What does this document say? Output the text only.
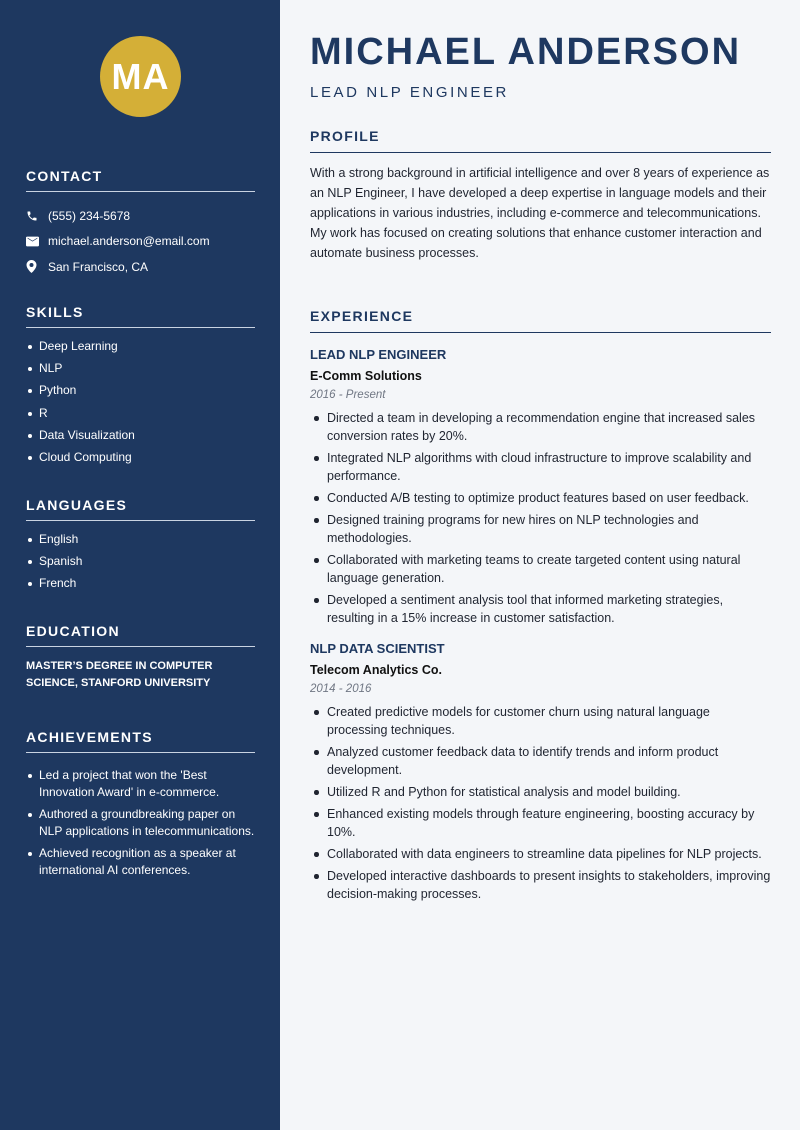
MA
CONTACT
(555) 234-5678
michael.anderson@email.com
San Francisco, CA
SKILLS
Deep Learning
NLP
Python
R
Data Visualization
Cloud Computing
LANGUAGES
English
Spanish
French
EDUCATION
MASTER’S DEGREE IN COMPUTER
SCIENCE, STANFORD UNIVERSITY
ACHIEVEMENTS
Led a project that won the 'Best Innovation Award' in e-commerce.
Authored a groundbreaking paper on NLP applications in telecommunications.
Achieved recognition as a speaker at international AI conferences.
MICHAEL ANDERSON
LEAD NLP ENGINEER
PROFILE

With a strong background in artificial intelligence and over 8 years of experience as an NLP Engineer, I have developed a deep expertise in language models and their applications in various industries, including e-commerce and telecommunications. My work has focused on creating solutions that enhance customer interaction and automate business processes.

EXPERIENCE
LEAD NLP ENGINEER
E-Comm Solutions
2016 - Present
Directed a team in developing a recommendation engine that increased sales conversion rates by 20%.
Integrated NLP algorithms with cloud infrastructure to improve scalability and performance.
Conducted A/B testing to optimize product features based on user feedback.
Designed training programs for new hires on NLP technologies and methodologies.
Collaborated with marketing teams to create targeted content using natural language generation.
Developed a sentiment analysis tool that informed marketing strategies, resulting in a 15% increase in customer satisfaction.
NLP DATA SCIENTIST
Telecom Analytics Co.
2014 - 2016
Created predictive models for customer churn using natural language processing techniques.
Analyzed customer feedback data to identify trends and inform product development.
Utilized R and Python for statistical analysis and model building.
Enhanced existing models through feature engineering, boosting accuracy by 10%.
Collaborated with data engineers to streamline data pipelines for NLP projects.
Developed interactive dashboards to present insights to stakeholders, improving decision-making processes.
